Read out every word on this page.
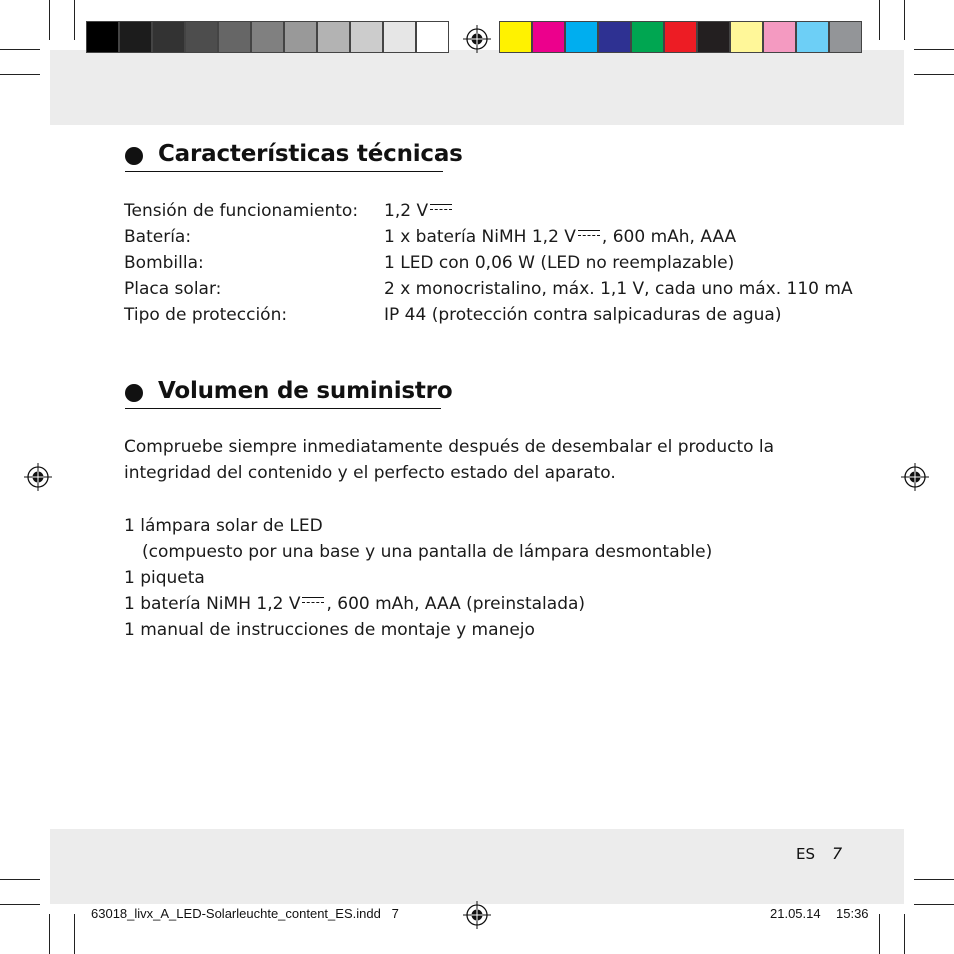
Características técnicas
Tensión de funcionamiento: 1,2 V
Batería:	1 x batería NiMH 1,2 V , 600 mAh, AAA
Bombilla:	1 LED con 0,06 W (LED no reemplazable)
Placa solar:	2 x monocristalino, máx. 1,1 V, cada uno máx. 110 mA
Tipo de protección:	IP 44 (protección contra salpicaduras de agua)
Volumen de suministro
Compruebe siempre inmediatamente después de desembalar el producto la
integridad del contenido y el perfecto estado del aparato.
1 lámpara solar de LED
(compuesto por una base y una pantalla de lámpara desmontable)
1 piqueta
1 batería NiMH 1,2 V , 600 mAh, AAA (preinstalada)
1 manual de instrucciones de montaje y manejo
ES 7
63018_livx_A_LED-Solarleuchte_content_ES.indd   7	21.05.14 15:36
